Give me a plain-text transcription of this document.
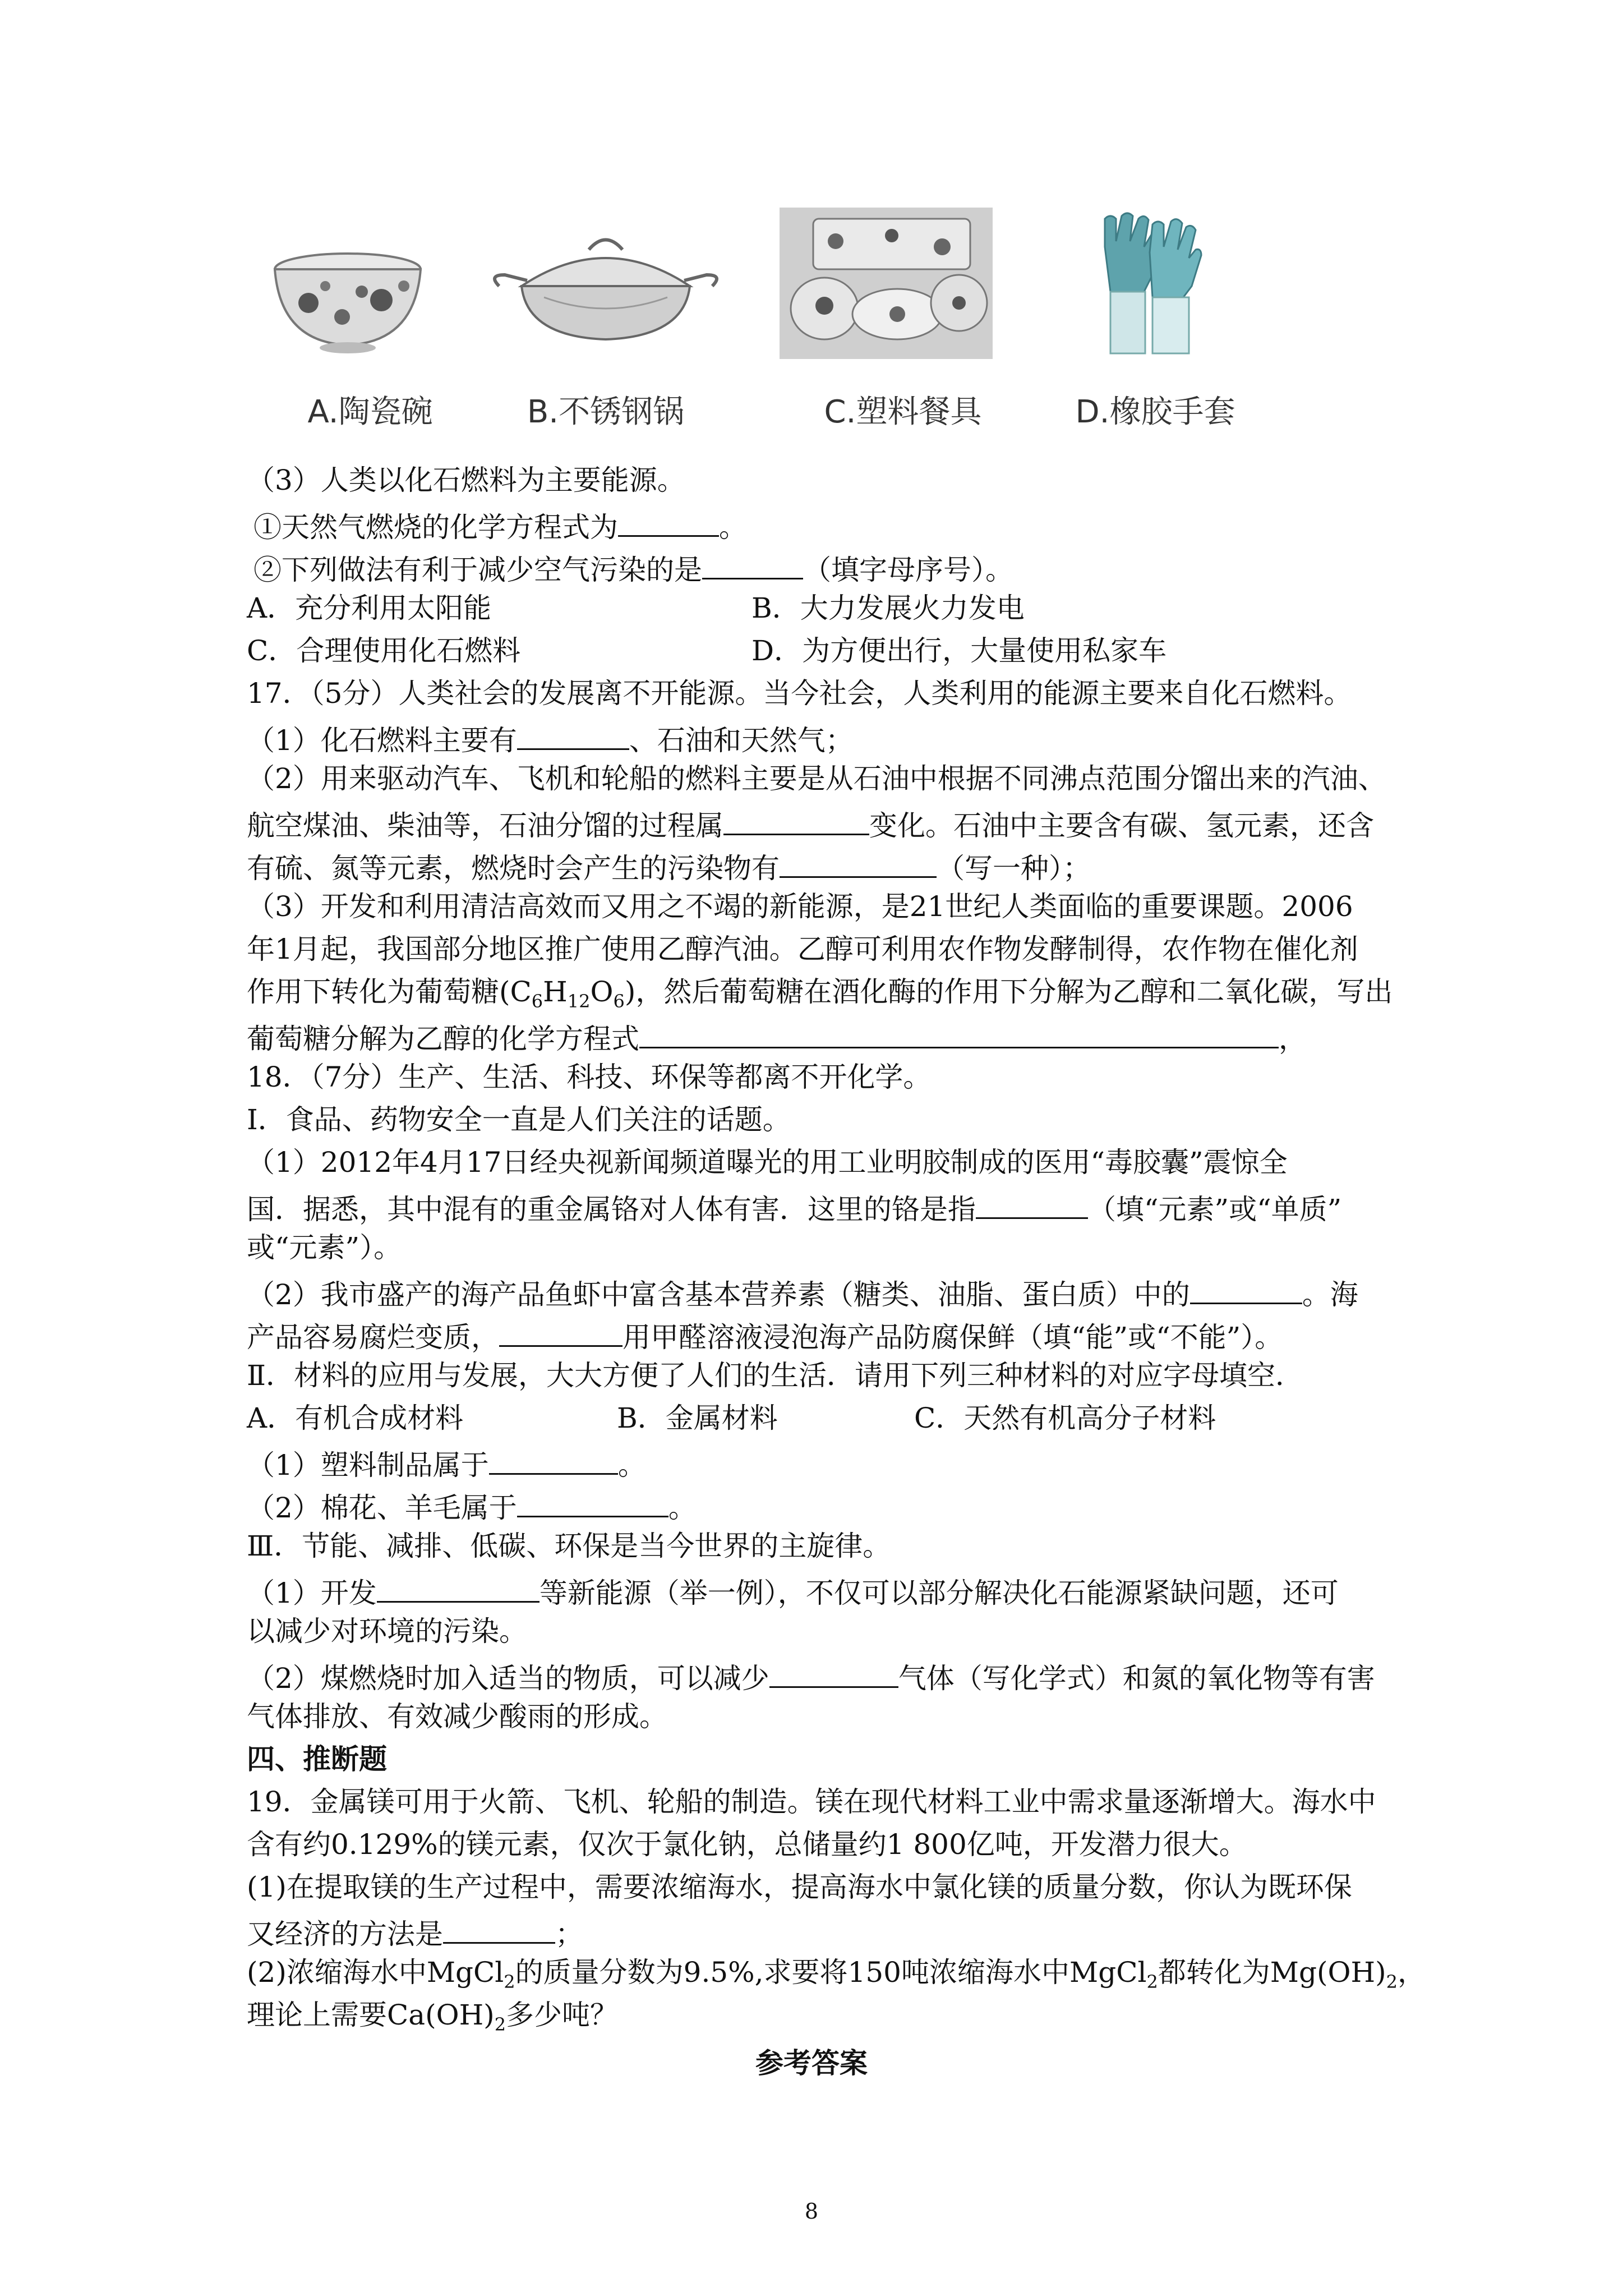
A.陶瓷碗	B.不锈钢锅	C.塑料餐具	D.橡胶手套
（3）人类以化石燃料为主要能源。
①天然气燃烧的化学方程式为	。
②下列做法有利于减少空气污染的是	（填字母序号）。
A．充分利用太阳能	B．大力发展火力发电
C．合理使用化石燃料	D．为方便出行，大量使用私家车
17．（5分）人类社会的发展离不开能源。当今社会，人类利用的能源主要来自化石燃料。
（1）化石燃料主要有	、石油和天然气；
（2）用来驱动汽车、飞机和轮船的燃料主要是从石油中根据不同沸点范围分馏出来的汽油、
航空煤油、柴油等，石油分馏的过程属	变化。石油中主要含有碳、氢元素，还含
有硫、氮等元素，燃烧时会产生的污染物有	（写一种）；
（3）开发和利用清洁高效而又用之不竭的新能源，是21世纪人类面临的重要课题。2006
年1月起，我国部分地区推广使用乙醇汽油。乙醇可利用农作物发酵制得，农作物在催化剂
作用下转化为葡萄糖$(C_6H_{12}O_6)$，然后葡萄糖在酒化酶的作用下分解为乙醇和二氧化碳，写出
葡萄糖分解为乙醇的化学方程式	，
18．（7分）生产、生活、科技、环保等都离不开化学。
Ⅰ．食品、药物安全一直是人们关注的话题。
（1）2012年4月17日经央视新闻频道曝光的用工业明胶制成的医用“毒胶囊”震惊全
国．据悉，其中混有的重金属铬对人体有害．这里的铬是指	（填“元素”或“单质”
或“元素”）。
（2）我市盛产的海产品鱼虾中富含基本营养素（糖类、油脂、蛋白质）中的	。海
产品容易腐烂变质，	用甲醛溶液浸泡海产品防腐保鲜（填“能”或“不能”）。
Ⅱ．材料的应用与发展，大大方便了人们的生活．请用下列三种材料的对应字母填空．
A．有机合成材料	B．金属材料	C．天然有机高分子材料
（1）塑料制品属于	。
（2）棉花、羊毛属于	。
Ⅲ．节能、减排、低碳、环保是当今世界的主旋律。
（1）开发	等新能源（举一例），不仅可以部分解决化石能源紧缺问题，还可
以减少对环境的污染。
（2）煤燃烧时加入适当的物质，可以减少	气体（写化学式）和氮的氧化物等有害
气体排放、有效减少酸雨的形成。
四、推断题
19．金属镁可用于火箭、飞机、轮船的制造。镁在现代材料工业中需求量逐渐增大。海水中
含有约0.129%的镁元素，仅次于氯化钠，总储量约1 800亿吨，开发潜力很大。
(1)在提取镁的生产过程中，需要浓缩海水，提高海水中氯化镁的质量分数，你认为既环保
又经济的方法是	；
(2)浓缩海水中MgCl$_2$的质量分数为9.5%,求要将150吨浓缩海水中MgCl$_2$都转化为$Mg(OH)_2$，
理论上需要$Ca(OH)_2$多少吨？
参考答案
8
